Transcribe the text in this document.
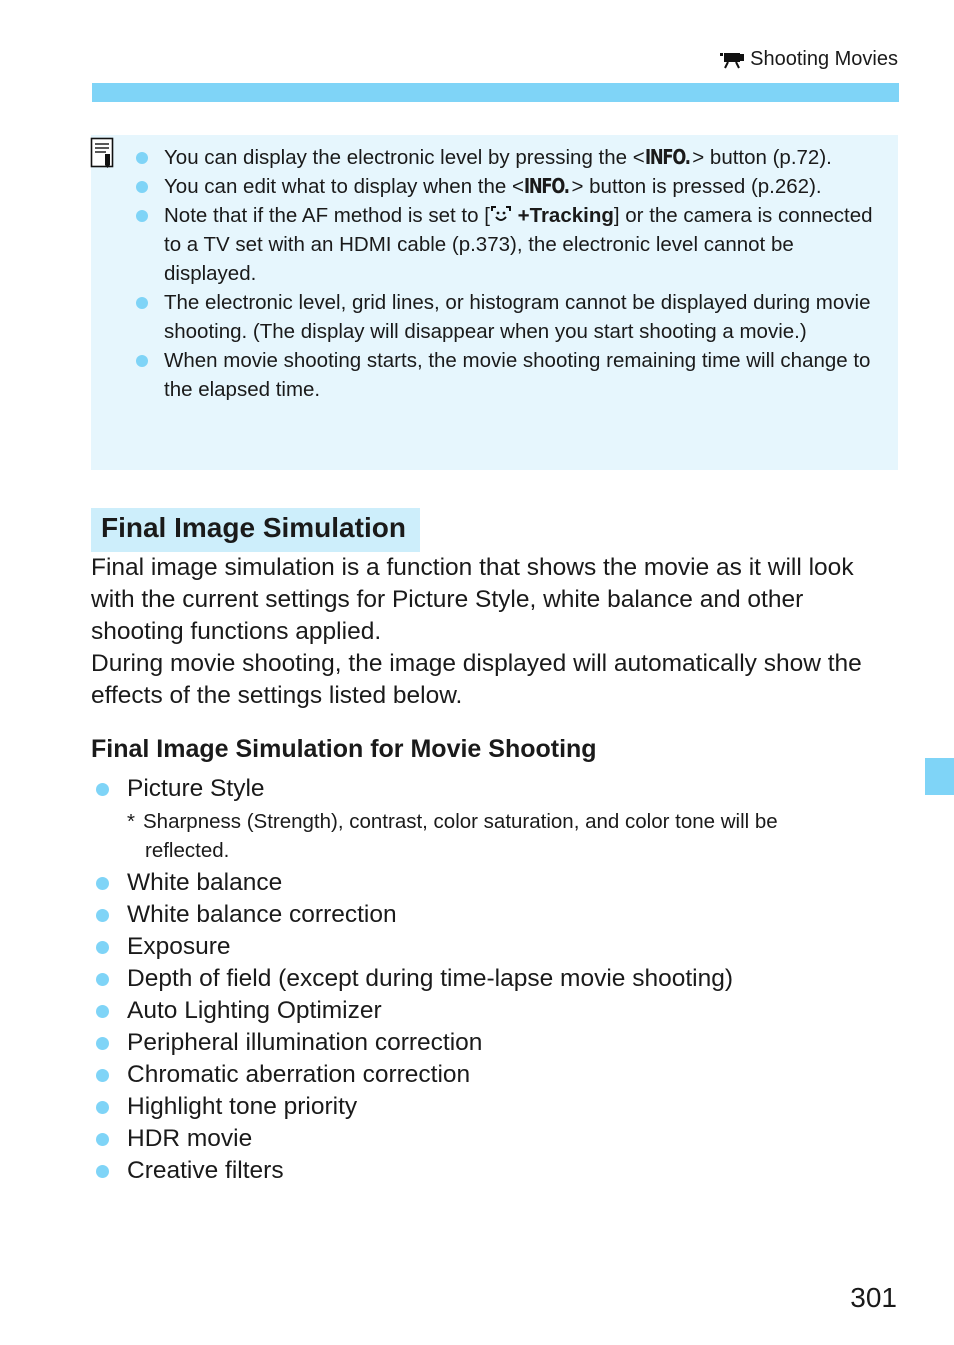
Shooting Movies
You can display the electronic level by pressing the <INFO. > button (p.72).
You can edit what to display when the <INFO. > button is pressed (p.262).
Note that if the AF method is set to [ +Tracking] or the camera is connected to a TV set with an HDMI cable (p.373), the electronic level cannot be displayed.
The electronic level, grid lines, or histogram cannot be displayed during movie shooting. (The display will disappear when you start shooting a movie.)
When movie shooting starts, the movie shooting remaining time will change to the elapsed time.
Final Image Simulation

Final image simulation is a function that shows the movie as it will look with the current settings for Picture Style, white balance and other shooting functions applied.

During movie shooting, the image displayed will automatically show the effects of the settings listed below.

Final Image Simulation for Movie Shooting
Picture Style
* Sharpness (Strength), contrast, color saturation, and color tone will be
reflected.
White balance
White balance correction
Exposure
Depth of field (except during time-lapse movie shooting)
Auto Lighting Optimizer
Peripheral illumination correction
Chromatic aberration correction
Highlight tone priority
HDR movie
Creative filters
301
